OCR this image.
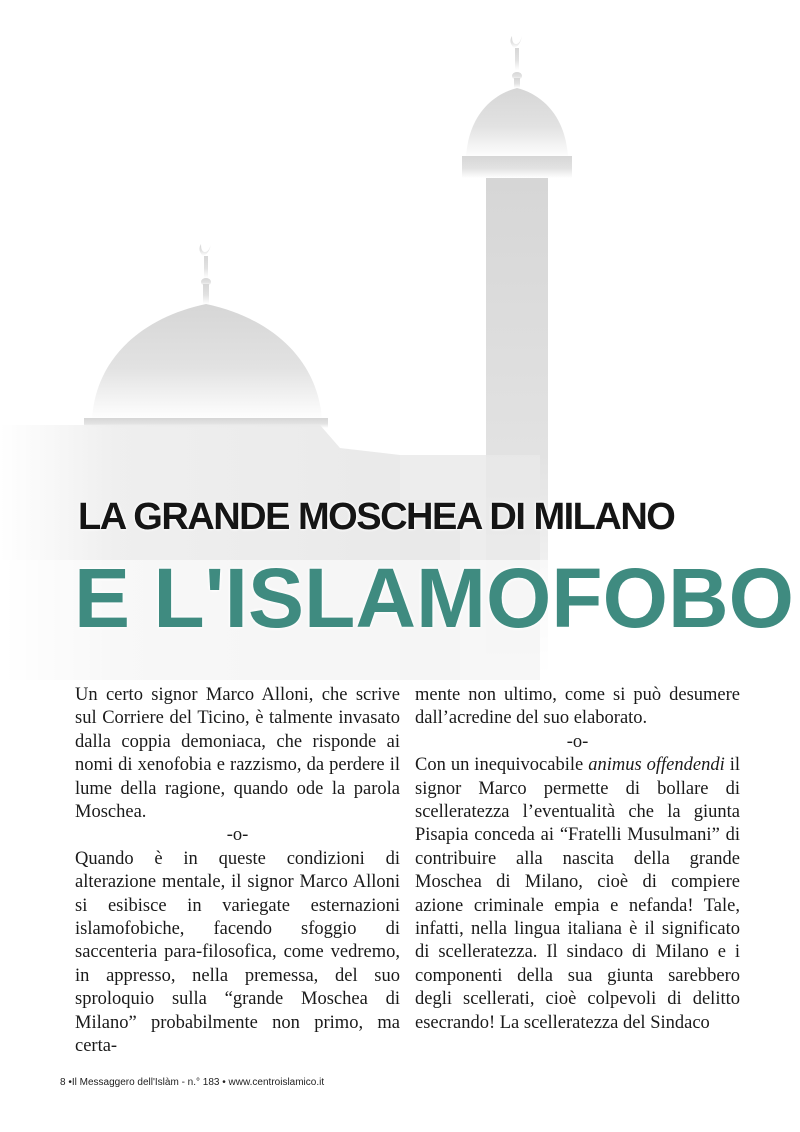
LA GRANDE MOSCHEA DI MILANO
E L'ISLAMOFOBO

Un certo signor Marco Alloni, che scrive sul Corriere del Ticino, è talmente invasato dalla coppia demoniaca, che risponde ai nomi di xenofobia e razzismo, da perdere il lume della ragione, quando ode la parola Moschea.

-o-

Quando è in queste condizioni di alterazione mentale, il signor Marco Alloni si esibisce in variegate esternazioni islamofobiche, facendo sfoggio di saccenteria para-filosofica, come vedremo, in appresso, nella premessa, del suo sproloquio sulla “grande Moschea di Milano” probabilmente non primo, ma certa-

mente non ultimo, come si può desumere dall’acredine del suo elaborato.

-o-

Con un inequivocabile animus offendendi il signor Marco permette di bollare di scelleratezza l’eventualità che la giunta Pisapia conceda ai “Fratelli Musulmani” di contribuire alla nascita della grande Moschea di Milano, cioè di compiere azione criminale empia e nefanda! Tale, infatti, nella lingua italiana è il significato di scelleratezza. Il sindaco di Milano e i componenti della sua giunta sarebbero degli scellerati, cioè colpevoli di delitto esecrando! La scelleratezza del Sindaco

8 •Il Messaggero dell'Islàm - n.° 183 • www.centroislamico.it
